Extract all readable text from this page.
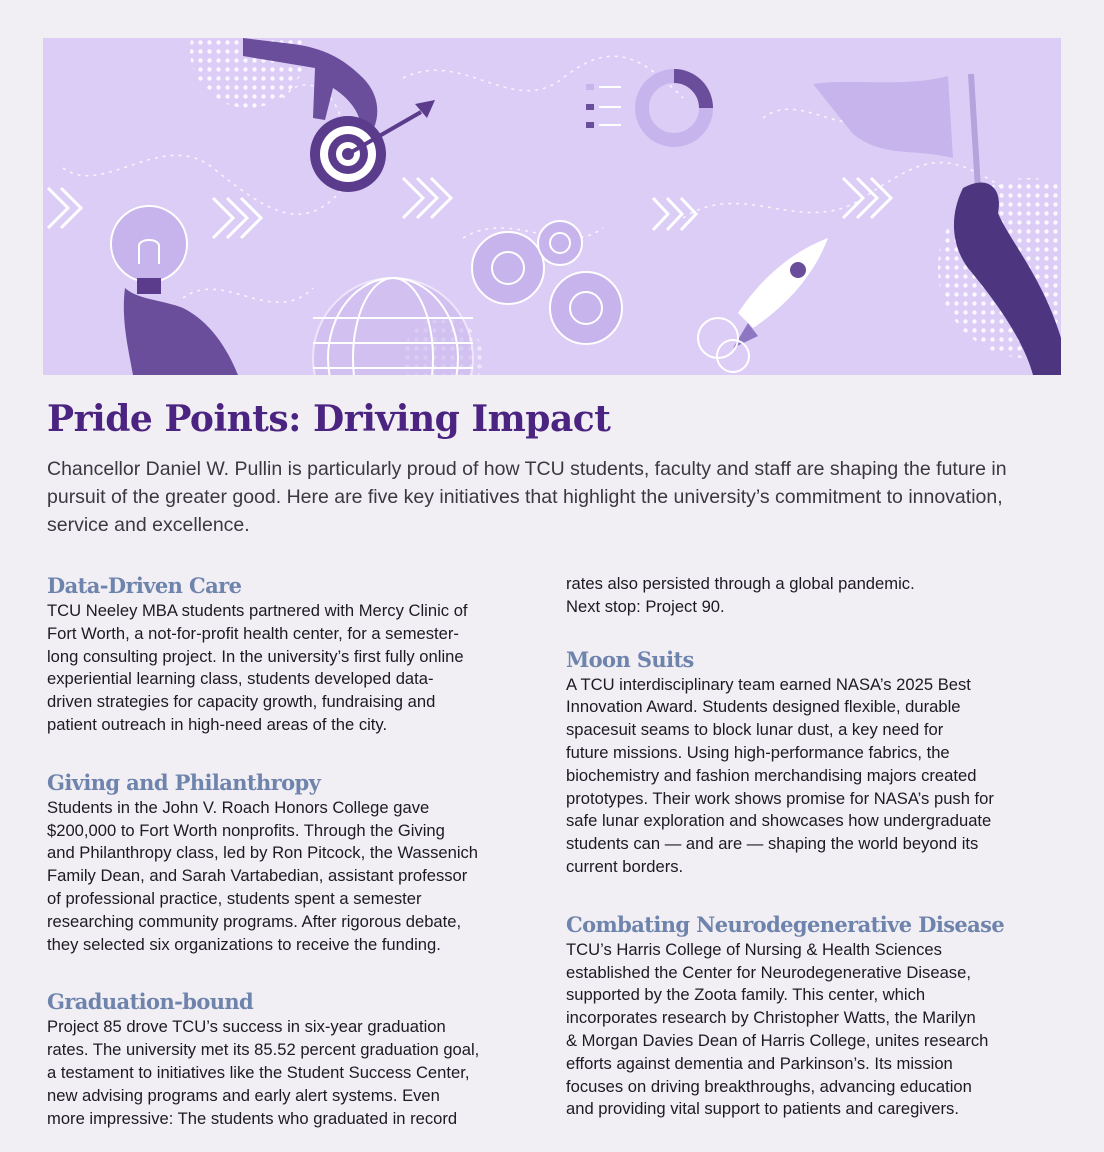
Pride Points: Driving Impact

Chancellor Daniel W. Pullin is particularly proud of how TCU students, faculty and staff are shaping the future in pursuit of the greater good. Here are five key initiatives that highlight the university’s commitment to innovation, service and excellence.

Data-Driven Care

TCU Neeley MBA students partnered with Mercy Clinic of
Fort Worth, a not-for-profit health center, for a semester-
long consulting project. In the university’s first fully online
experiential learning class, students developed data-
driven strategies for capacity growth, fundraising and
patient outreach in high-need areas of the city.

Giving and Philanthropy

Students in the John V. Roach Honors College gave
$200,000 to Fort Worth nonprofits. Through the Giving
and Philanthropy class, led by Ron Pitcock, the Wassenich
Family Dean, and Sarah Vartabedian, assistant professor
of professional practice, students spent a semester
researching community programs. After rigorous debate,
they selected six organizations to receive the funding.

Graduation-bound

Project 85 drove TCU’s success in six-year graduation
rates. The university met its 85.52 percent graduation goal,
a testament to initiatives like the Student Success Center,
new advising programs and early alert systems. Even
more impressive: The students who graduated in record

rates also persisted through a global pandemic.
Next stop: Project 90.

Moon Suits

A TCU interdisciplinary team earned NASA’s 2025 Best
Innovation Award. Students designed flexible, durable
spacesuit seams to block lunar dust, a key need for
future missions. Using high-performance fabrics, the
biochemistry and fashion merchandising majors created
prototypes. Their work shows promise for NASA’s push for
safe lunar exploration and showcases how undergraduate
students can — and are — shaping the world beyond its
current borders.

Combating Neurodegenerative Disease

TCU’s Harris College of Nursing & Health Sciences
established the Center for Neurodegenerative Disease,
supported by the Zoota family. This center, which
incorporates research by Christopher Watts, the Marilyn
& Morgan Davies Dean of Harris College, unites research
efforts against dementia and Parkinson’s. Its mission
focuses on driving breakthroughs, advancing education
and providing vital support to patients and caregivers.
